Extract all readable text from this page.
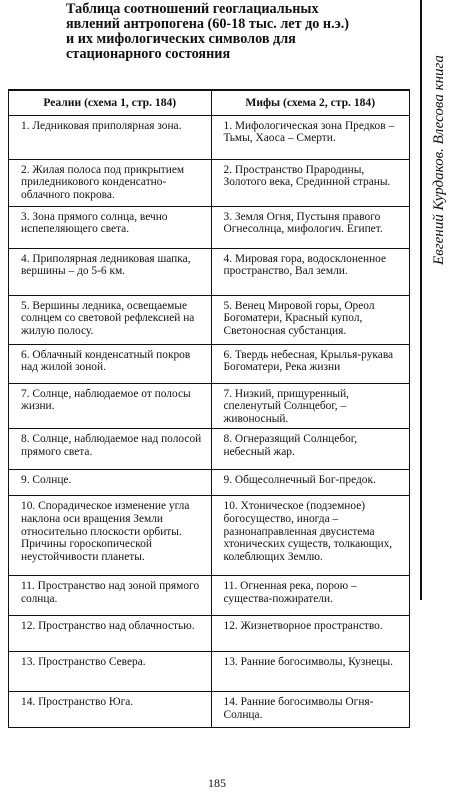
Таблица соотношений геоглациальных
явлений антропогена (60-18 тыс. лет до н.э.)
и их мифологических символов для
стационарного состояния
Евгений Курдаков. Влесова книга
Реалии (схема 1, стр. 184)	Мифы (схема 2, стр. 184)
1. Ледниковая приполярная зона.	1. Мифологическая зона Предков – Тьмы, Хаоса – Смерти.
2. Жилая полоса под прикрытием приледникового конденсатно-облачного покрова.	2. Пространство Прародины, Золотого века, Срединной страны.
3. Зона прямого солнца, вечно испепеляющего света.	3. Земля Огня, Пустыня правого Огнесолнца, мифологич. Египет.
4. Приполярная ледниковая шапка, вершины – до 5-6 км.	4. Мировая гора, водосклоненное пространство, Вал земли.
5. Вершины ледника, освещаемые солнцем со световой рефлексией на жилую полосу.	5. Венец Мировой горы, Ореол Богоматери, Красный купол, Светоносная субстанция.
6. Облачный конденсатный покров над жилой зоной.	6. Твердь небесная, Крылья-рукава Богоматери, Река жизни
7. Солнце, наблюдаемое от полосы жизни.	7. Низкий, прищуренный, спеленутый Солнцебог, – живоносный.
8. Солнце, наблюдаемое над полосой прямого света.	8. Огнеразящий Солнцебог, небесный жар.
9. Солнце.	9. Общесолнечный Бог-предок.
10. Спорадическое изменение угла наклона оси вращения Земли относительно плоскости орбиты. Причины гороскопической неустойчивости планеты.	10. Хтоническое (подземное) богосущество, иногда – разнонаправленная двусистема хтонических существ, толкающих, колеблющих Землю.
11. Пространство над зоной прямого солнца.	11. Огненная река, порою – существа-пожиратели.
12. Пространство над облачностью.	12. Жизнетворное пространство.
13. Пространство Севера.	13. Ранние богосимволы, Кузнецы.
14. Пространство Юга.	14. Ранние богосимволы Огня-Солнца.
185
